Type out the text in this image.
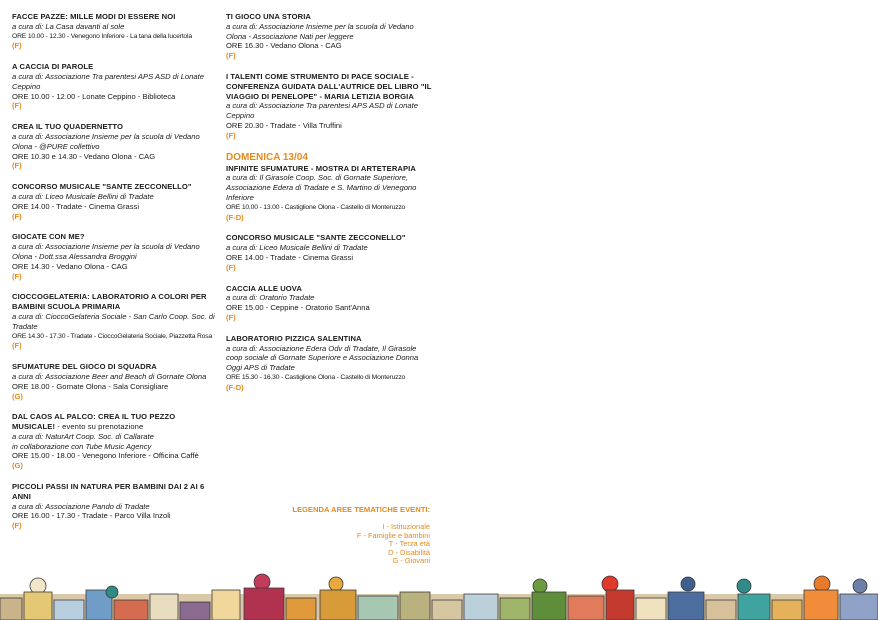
FACCE PAZZE: MILLE MODI DI ESSERE NOI
a cura di: La Casa davanti al sole
ORE 10.00 - 12.30 - Venegono Inferiore - La tana della lucertola
(F)
A CACCIA DI PAROLE
a cura di: Associazione Tra parentesi APS ASD di Lonate Ceppino
ORE 10.00 - 12.00 - Lonate Ceppino - Biblioteca
(F)
CREA IL TUO QUADERNETTO
a cura di: Associazione Insieme per la scuola di Vedano Olona - @PURE collettivo
ORE 10.30 e 14.30 - Vedano Olona - CAG
(F)
CONCORSO MUSICALE "SANTE ZECCONELLO"
a cura di: Liceo Musicale Bellini di Tradate
ORE 14.00 - Tradate - Cinema Grassi
(F)
GIOCATE CON ME?
a cura di: Associazione Insieme per la scuola di Vedano Olona - Dott.ssa Alessandra Broggini
ORE 14.30 - Vedano Olona - CAG
(F)
CIOCCOGELATERIA: LABORATORIO A COLORI PER BAMBINI SCUOLA PRIMARIA
a cura di: CioccoGelateria Sociale - San Carlo Coop. Soc. di Tradate
ORE 14.30 - 17.30 - Tradate - CioccoGelateria Sociale, Piazzetta Rosa
(F)
SFUMATURE DEL GIOCO DI SQUADRA
a cura di: Associazione Beer and Beach di Gornate Olona
ORE 18.00 - Gornate Olona - Sala Consigliare
(G)
DAL CAOS AL PALCO: CREA IL TUO PEZZO MUSICALE! - evento su prenotazione
a cura di: NaturArt Coop. Soc. di Callarate
in collaborazione con Tube Music Agency
ORE 15.00 - 18.00 - Venegono Inferiore - Officina Caffè
(G)
PICCOLI PASSI IN NATURA PER BAMBINI DAI 2 AI 6 ANNI
a cura di: Associazione Pando di Tradate
ORE 16.00 - 17.30 - Tradate - Parco Villa Inzoli
(F)
TI GIOCO UNA STORIA
a cura di: Associazione Insieme per la scuola di Vedano Olona - Associazione Nati per leggere
ORE 16.30 - Vedano Olona - CAG
(F)
I TALENTI COME STRUMENTO DI PACE SOCIALE - CONFERENZA GUIDATA DALL'AUTRICE DEL LIBRO "IL VIAGGIO DI PENELOPE" - MARIA LETIZIA BORGIA
a cura di: Associazione Tra parentesi APS ASD di Lonate Ceppino
ORE 20.30 - Tradate - Villa Truffini
(F)
DOMENICA 13/04
INFINITE SFUMATURE - MOSTRA DI ARTETERAPIA
a cura di: Il Girasole Coop. Soc. di Gornate Superiore, Associazione Edera di Tradate e S. Martino di Venegono Inferiore
ORE 10.00 - 13.00 - Castiglione Olona - Castello di Monteruzzo
(F-D)
CONCORSO MUSICALE "SANTE ZECCONELLO"
a cura di: Liceo Musicale Bellini di Tradate
ORE 14.00 - Tradate - Cinema Grassi
(F)
CACCIA ALLE UOVA
a cura di: Oratorio Tradate
ORE 15.00 - Ceppine - Oratorio Sant'Anna
(F)
LABORATORIO PIZZICA SALENTINA
a cura di: Associazione Edera Odv di Tradate, Il Girasole coop sociale di Gornate Superiore e Associazione Donna Oggi APS di Tradate
ORE 15.30 - 16.30 - Castiglione Olona - Castello di Monteruzzo
(F-D)
LEGENDA AREE TEMATICHE EVENTI:
I - Istituzionale
F - Famiglie e bambini
T - Terza età
D - Disabilità
G - Giovani
